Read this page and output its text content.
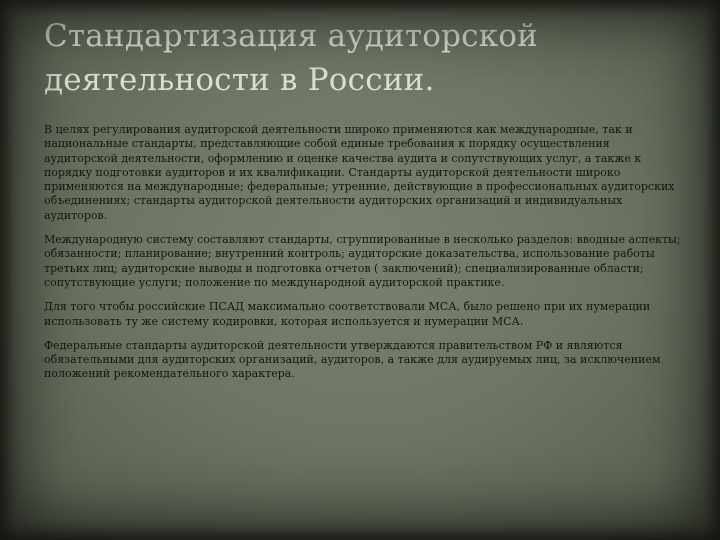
Стандартизация аудиторской деятельности в России.

В целях регулирования аудиторской деятельности широко применяются как международные, так и национальные стандарты, представляющие собой единые требования к порядку осуществления аудиторской деятельности, оформлению и оценке качества аудита и сопутствующих услуг, а также к порядку подготовки аудиторов и их квалификации. Стандарты аудиторской деятельности широко применяются на международные; федеральные; утренние, действующие в профессиональных аудиторских объединениях; стандарты аудиторской деятельности аудиторских организаций и индивидуальных аудиторов.

Международную систему составляют стандарты, сгруппированные в несколько разделов: вводные аспекты; обязанности; планирование; внутренний контроль; аудиторские доказательства, использование работы третьих лиц; аудиторские выводы и подготовка отчетов ( заключений); специализированные области; сопутствующие услуги; положение по международной аудиторской практике.

Для того чтобы российские ПСАД максимально соответствовали МСА, было решено при их нумерации использовать ту же систему кодировки, которая используется и нумерации МСА.

Федеральные стандарты аудиторской деятельности утверждаются правительством РФ и являются обязательными для аудиторских организаций, аудиторов, а также для аудируемых лиц, за исключением положений рекомендательного характера.
